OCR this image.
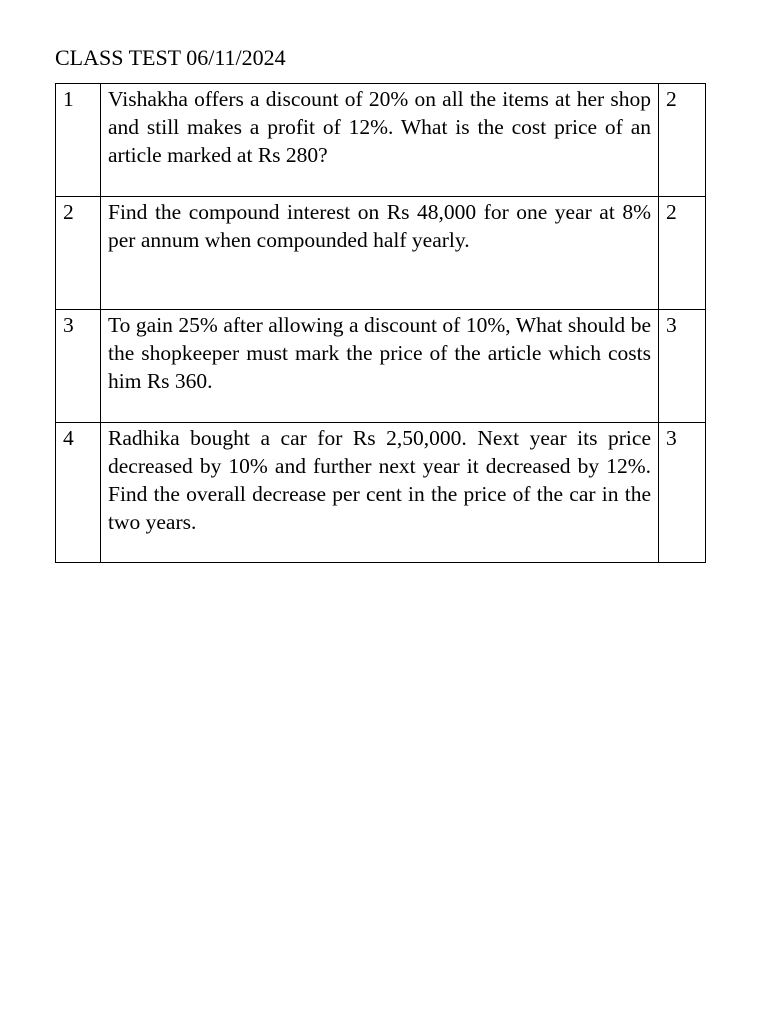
CLASS TEST 06/11/2024
1	Vishakha offers a discount of 20% on all the items at her shop and still makes a profit of 12%. What is the cost price of an article marked at Rs 280?	2
2	Find the compound interest on Rs 48,000 for one year at 8% per annum when compounded half yearly.	2
3	To gain 25% after allowing a discount of 10%, What should be the shopkeeper must mark the price of the article which costs him Rs 360.	3
4	Radhika bought a car for Rs 2,50,000. Next year its price decreased by 10% and further next year it decreased by 12%. Find the overall decrease per cent in the price of the car in the two years.	3
